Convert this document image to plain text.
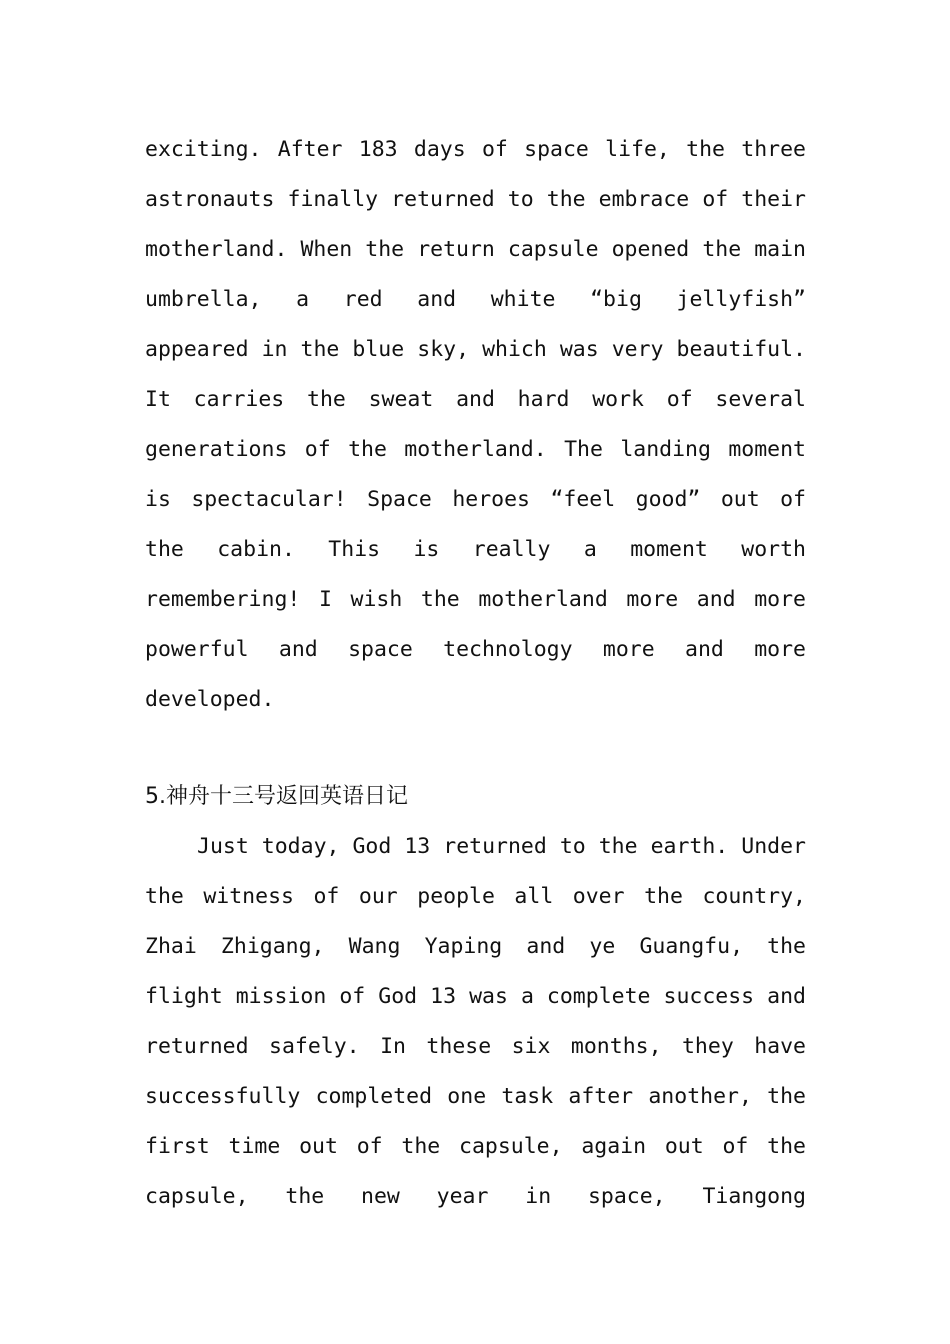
exciting. After 183 days of space life, the three
astronauts finally returned to the embrace of their
motherland. When the return capsule opened the main
umbrella, a red and white “big jellyfish”
appeared in the blue sky, which was very beautiful.
It carries the sweat and hard work of several
generations of the motherland. The landing moment
is spectacular! Space heroes “feel good” out of
the cabin. This is really a moment worth
remembering! I wish the motherland more and more
powerful and space technology more and more
developed.
5.神舟十三号返回英语日记
Just today, God 13 returned to the earth. Under
the witness of our people all over the country,
Zhai Zhigang, Wang Yaping and ye Guangfu, the
flight mission of God 13 was a complete success and
returned safely. In these six months, they have
successfully completed one task after another, the
first time out of the capsule, again out of the
capsule, the new year in space, Tiangong
